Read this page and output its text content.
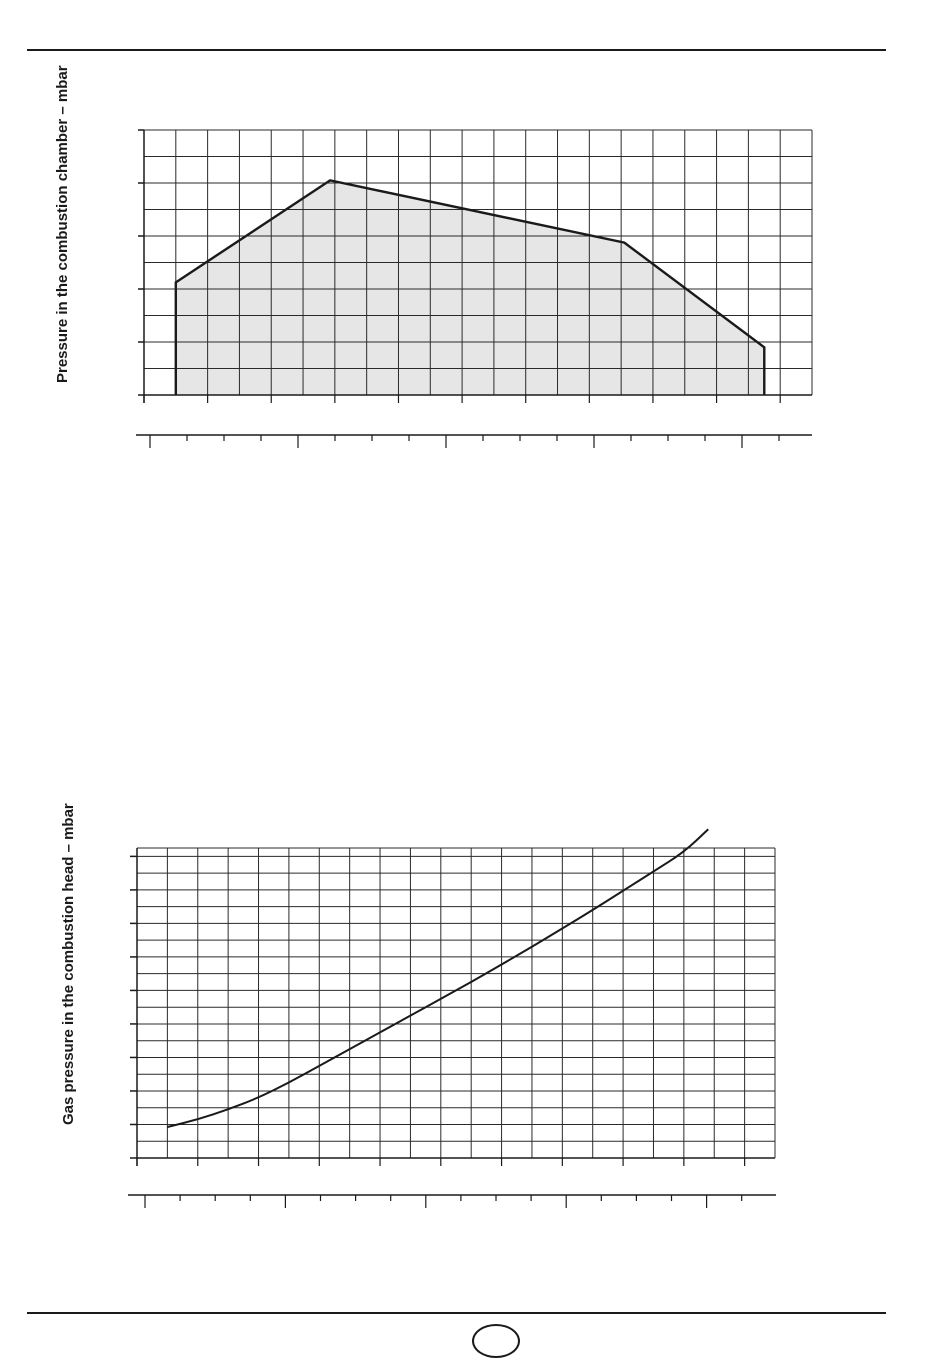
Pressure in the combustion chamber – mbar
Gas pressure in the combustion head – mbar
